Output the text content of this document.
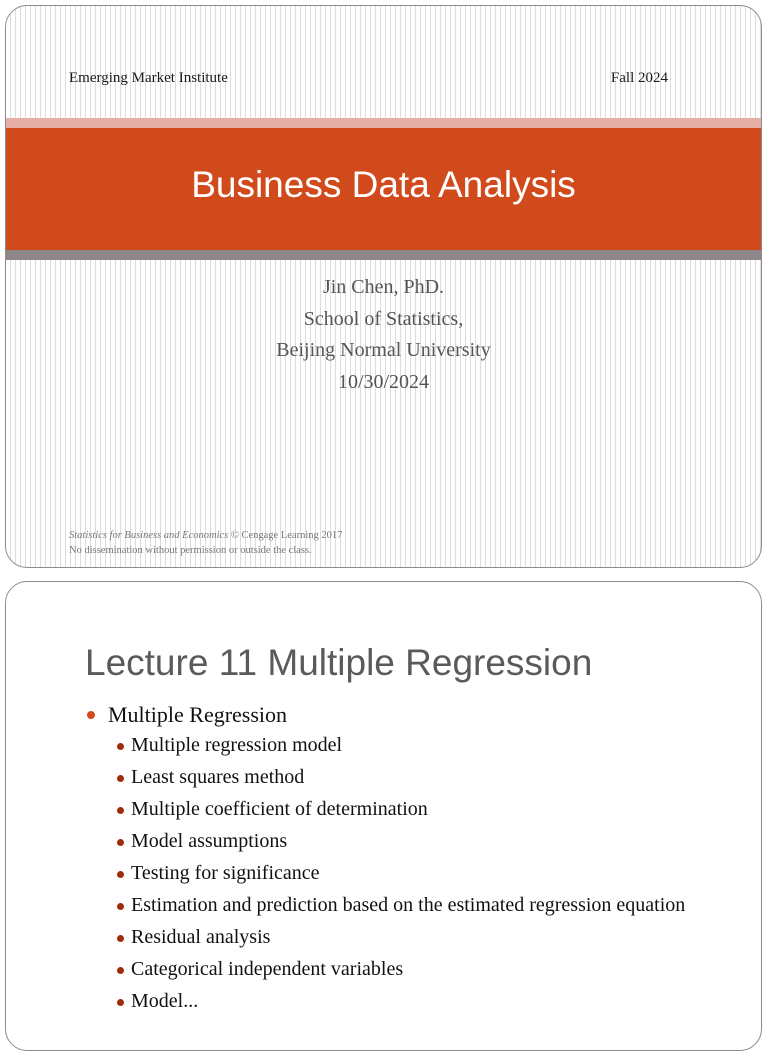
Emerging Market Institute	Fall 2024
Business Data Analysis
Jin Chen, PhD.
School of Statistics,
Beijing Normal University
10/30/2024
Statistics for Business and Economics © Cengage Learning 2017
No dissemination without permission or outside the class.
Lecture 11 Multiple Regression
Multiple Regression
Multiple regression model
Least squares method
Multiple coefficient of determination
Model assumptions
Testing for significance
Estimation and prediction based on the estimated regression equation
Residual analysis
Categorical independent variables
Model...
